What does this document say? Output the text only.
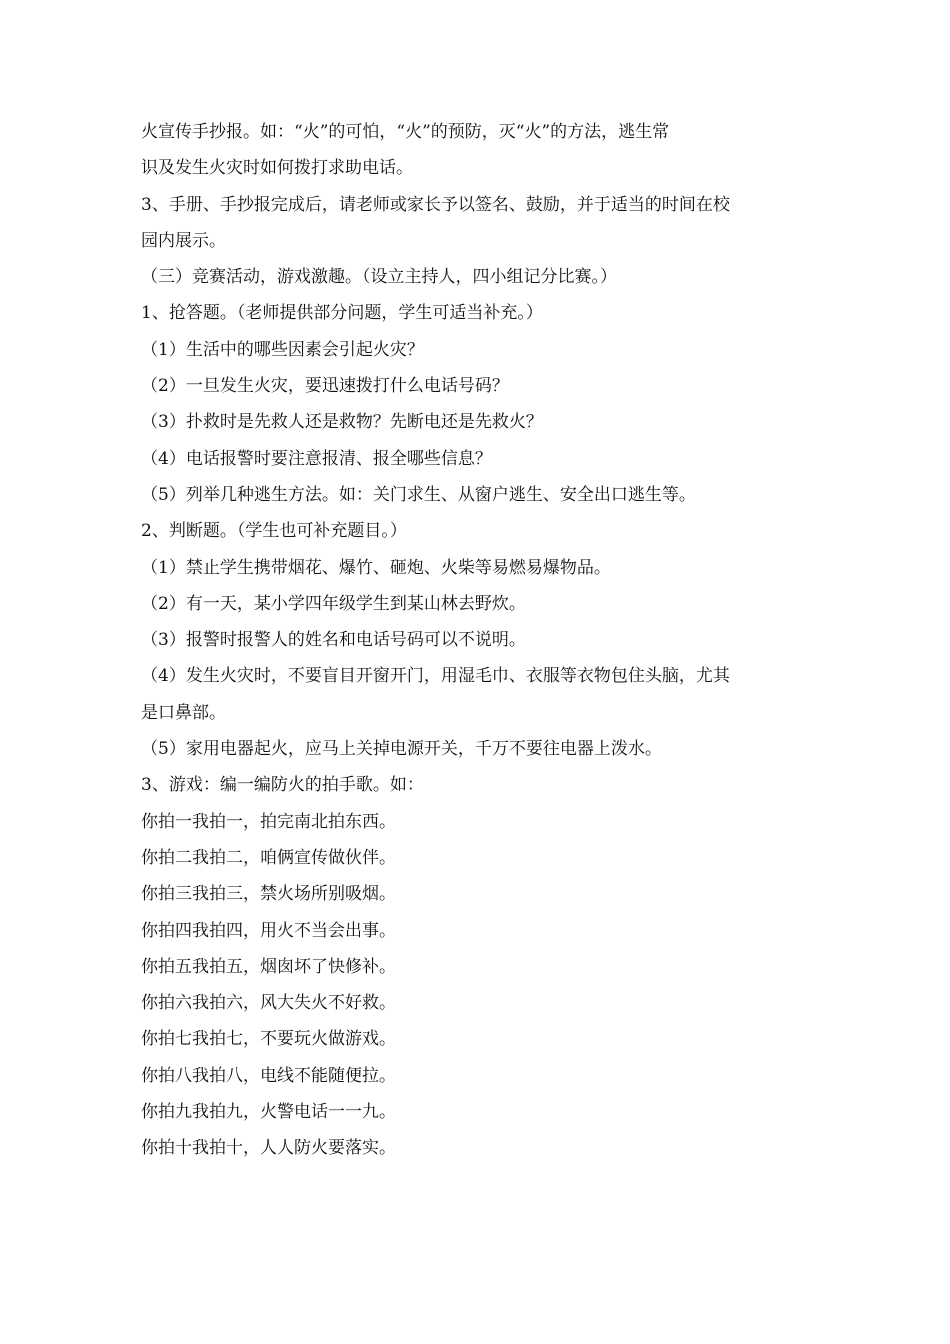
火宣传手抄报。如：“火”的可怕，“火”的预防，灭“火”的方法，逃生常

识及发生火灾时如何拨打求助电话。

3、手册、手抄报完成后，请老师或家长予以签名、鼓励，并于适当的时间在校

园内展示。

（三）竞赛活动，游戏激趣。（设立主持人，四小组记分比赛。）

1、抢答题。（老师提供部分问题，学生可适当补充。）

（1）生活中的哪些因素会引起火灾？

（2）一旦发生火灾，要迅速拨打什么电话号码？

（3）扑救时是先救人还是救物？先断电还是先救火？

（4）电话报警时要注意报清、报全哪些信息？

（5）列举几种逃生方法。如：关门求生、从窗户逃生、安全出口逃生等。

2、判断题。（学生也可补充题目。）

（1）禁止学生携带烟花、爆竹、砸炮、火柴等易燃易爆物品。

（2）有一天，某小学四年级学生到某山林去野炊。

（3）报警时报警人的姓名和电话号码可以不说明。

（4）发生火灾时，不要盲目开窗开门，用湿毛巾、衣服等衣物包住头脑，尤其

是口鼻部。

（5）家用电器起火，应马上关掉电源开关，千万不要往电器上泼水。

3、游戏：编一编防火的拍手歌。如：

你拍一我拍一，拍完南北拍东西。

你拍二我拍二，咱俩宣传做伙伴。

你拍三我拍三，禁火场所别吸烟。

你拍四我拍四，用火不当会出事。

你拍五我拍五，烟囱坏了快修补。

你拍六我拍六，风大失火不好救。

你拍七我拍七，不要玩火做游戏。

你拍八我拍八，电线不能随便拉。

你拍九我拍九，火警电话一一九。

你拍十我拍十，人人防火要落实。
